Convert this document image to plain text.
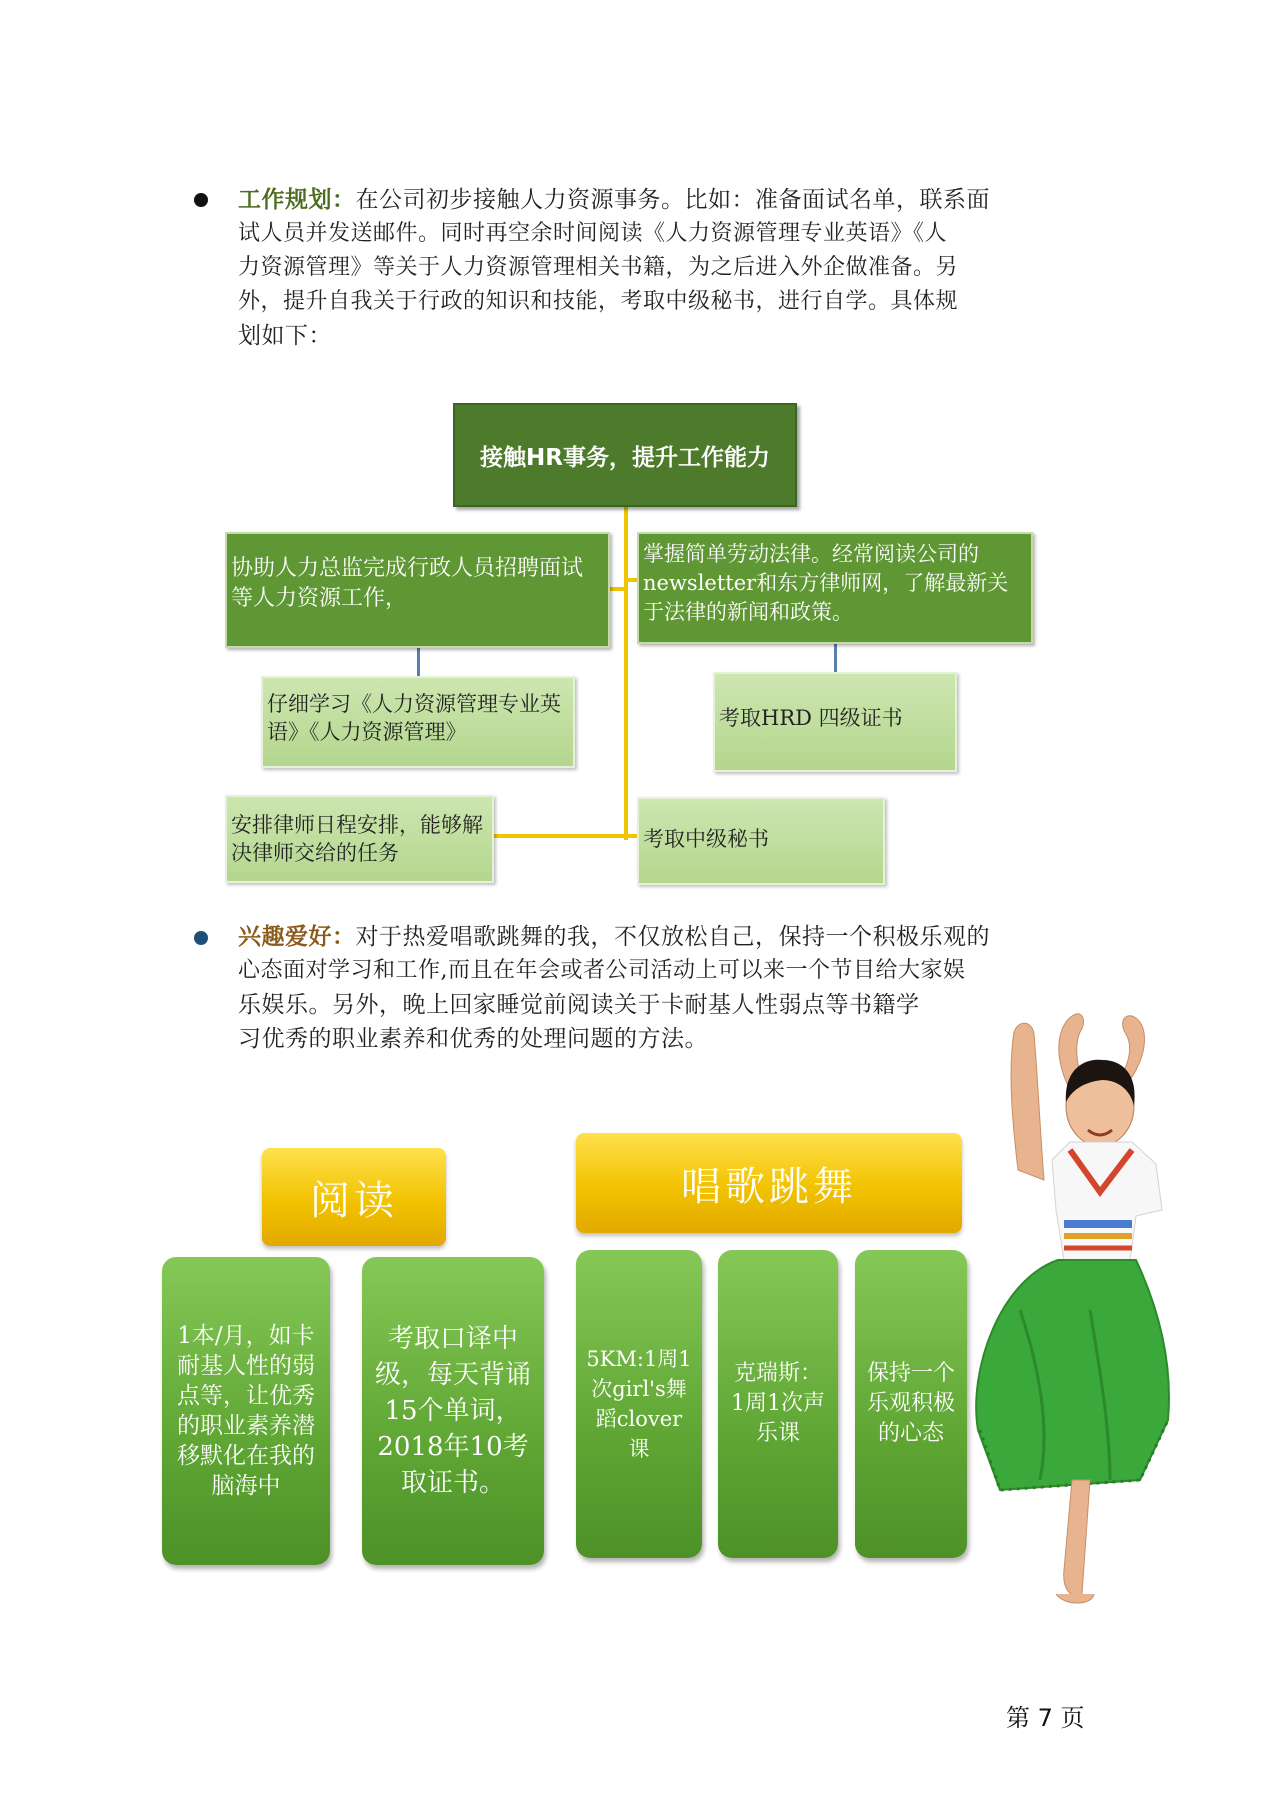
工作规划：在公司初步接触人力资源事务。比如：准备面试名单，联系面
试人员并发送邮件。同时再空余时间阅读《人力资源管理专业英语》《人
力资源管理》等关于人力资源管理相关书籍，为之后进入外企做准备。另
外，提升自我关于行政的知识和技能，考取中级秘书，进行自学。具体规
划如下：
接触HR事务，提升工作能力
协助人力总监完成行政人员招聘面试等人力资源工作，
掌握简单劳动法律。经常阅读公司的newsletter和东方律师网，了解最新关于法律的新闻和政策。
仔细学习《人力资源管理专业英语》《人力资源管理》
考取HRD 四级证书
安排律师日程安排，能够解决律师交给的任务
考取中级秘书
兴趣爱好：对于热爱唱歌跳舞的我，不仅放松自己，保持一个积极乐观的
心态面对学习和工作,而且在年会或者公司活动上可以来一个节目给大家娱
乐娱乐。另外，晚上回家睡觉前阅读关于卡耐基人性弱点等书籍学
习优秀的职业素养和优秀的处理问题的方法。
阅读
1本/月，如卡耐基人性的弱点等，让优秀的职业素养潜移默化在我的脑海中
考取口译中级，每天背诵15个单词，2018年10考取证书。
唱歌跳舞
5KM:1周1次girl's舞蹈clover课
克瑞斯：1周1次声乐课
保持一个乐观积极的心态
第 7 页
